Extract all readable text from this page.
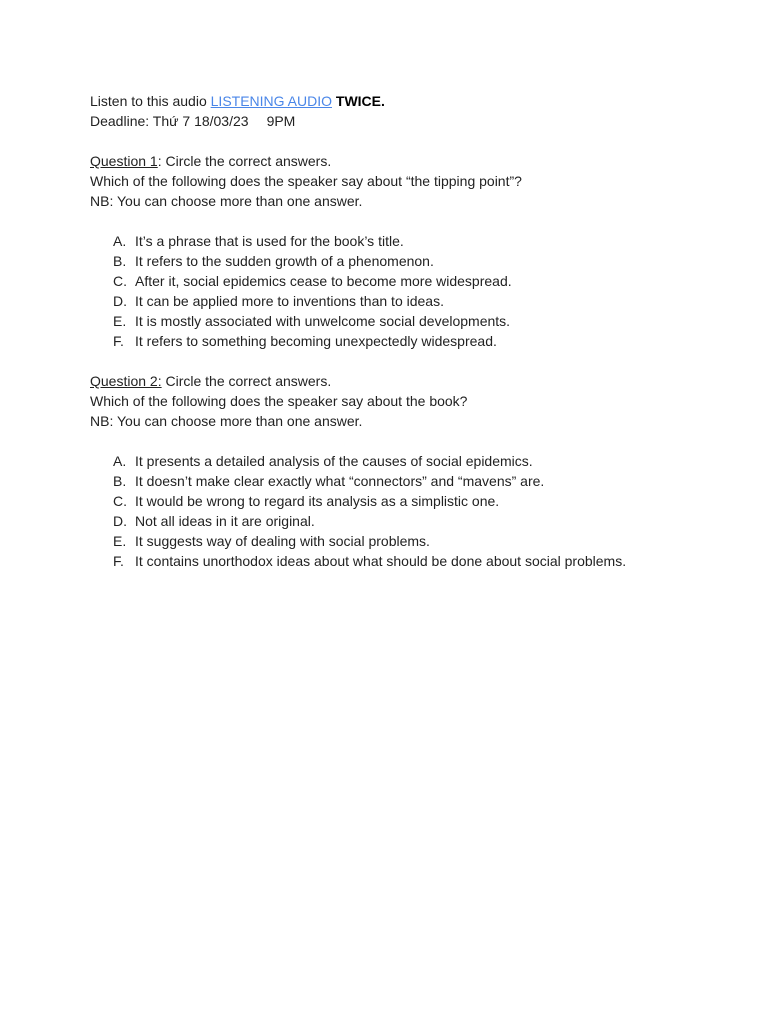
Listen to this audio LISTENING AUDIO TWICE.
Deadline: Thứ 7 18/03/23 9PM
Question 1: Circle the correct answers.
Which of the following does the speaker say about “the tipping point”?
NB: You can choose more than one answer.
A. It’s a phrase that is used for the book’s title.
B. It refers to the sudden growth of a phenomenon.
C. After it, social epidemics cease to become more widespread.
D. It can be applied more to inventions than to ideas.
E. It is mostly associated with unwelcome social developments.
F. It refers to something becoming unexpectedly widespread.
Question 2: Circle the correct answers.
Which of the following does the speaker say about the book?
NB: You can choose more than one answer.
A. It presents a detailed analysis of the causes of social epidemics.
B. It doesn’t make clear exactly what “connectors” and “mavens” are.
C. It would be wrong to regard its analysis as a simplistic one.
D. Not all ideas in it are original.
E. It suggests way of dealing with social problems.
F. It contains unorthodox ideas about what should be done about social problems.
